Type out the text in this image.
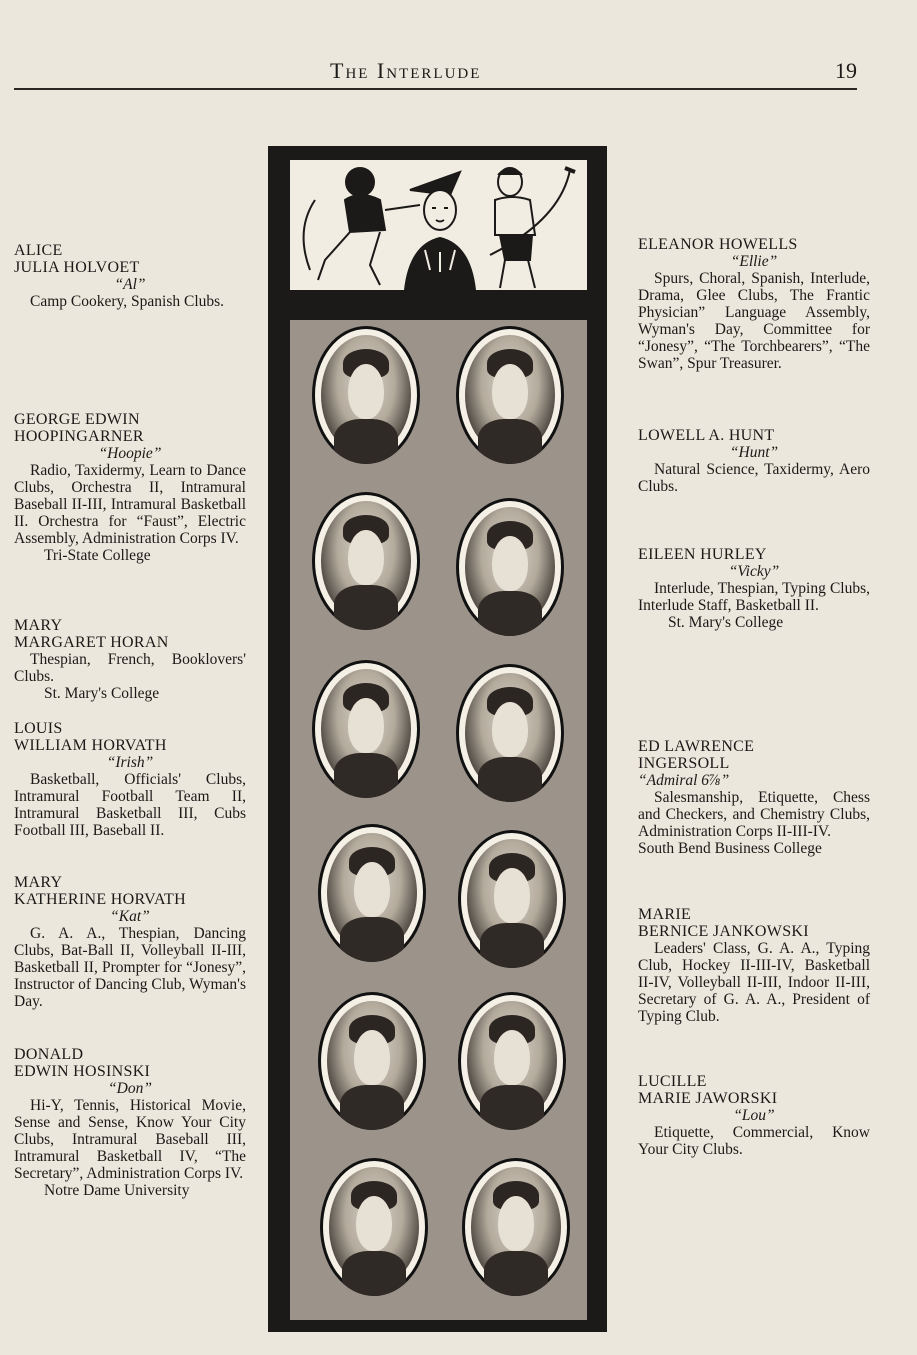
The Interlude	19

ALICE

JULIA HOLVOET

“Al”

Camp Cookery, Spanish Clubs.

GEORGE EDWIN

HOOPINGARNER

“Hoopie”

Radio, Taxidermy, Learn to Dance Clubs, Orchestra II, Intramural Baseball II-III, Intramural Basketball II. Orchestra for “Faust”, Electric Assembly, Administration Corps IV.

Tri-State College

MARY

MARGARET HORAN

Thespian, French, Booklovers' Clubs.

St. Mary's College

LOUIS

WILLIAM HORVATH

“Irish”

Basketball, Officials' Clubs, Intramural Football Team II, Intramural Basketball III, Cubs Football III, Baseball II.

MARY

KATHERINE HORVATH

“Kat”

G. A. A., Thespian, Dancing Clubs, Bat-Ball II, Volleyball II-III, Basketball II, Prompter for “Jonesy”, Instructor of Dancing Club, Wyman's Day.

DONALD

EDWIN HOSINSKI

“Don”

Hi-Y, Tennis, Historical Movie, Sense and Sense, Know Your City Clubs, Intramural Baseball III, Intramural Basketball IV, “The Secretary”, Administration Corps IV.

Notre Dame University

ELEANOR HOWELLS

“Ellie”

Spurs, Choral, Spanish, Interlude, Drama, Glee Clubs, The Frantic Physician” Language Assembly, Wyman's Day, Committee for “Jonesy”, “The Torchbearers”, “The Swan”, Spur Treasurer.

LOWELL A. HUNT

“Hunt”

Natural Science, Taxidermy, Aero Clubs.

EILEEN HURLEY

“Vicky”

Interlude, Thespian, Typing Clubs, Interlude Staff, Basketball II.

St. Mary's College

ED LAWRENCE

INGERSOLL

“Admiral 6⅞”

Salesmanship, Etiquette, Chess and Checkers, and Chemistry Clubs, Administration Corps II-III-IV.

South Bend Business College

MARIE

BERNICE JANKOWSKI

Leaders' Class, G. A. A., Typing Club, Hockey II-III-IV, Basketball II-IV, Volleyball II-III, Indoor II-III, Secretary of G. A. A., President of Typing Club.

LUCILLE

MARIE JAWORSKI

“Lou”

Etiquette, Commercial, Know Your City Clubs.
